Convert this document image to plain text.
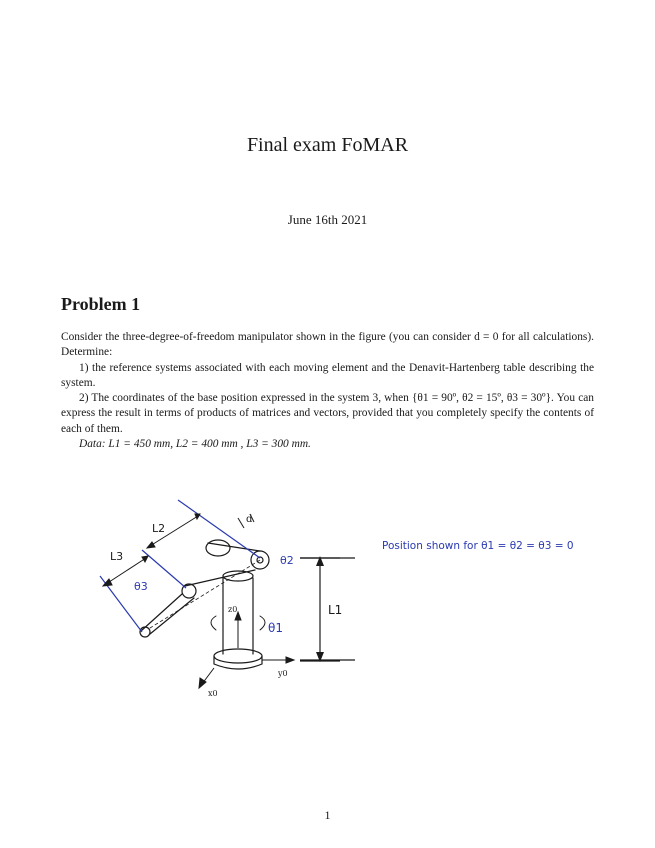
Final exam FoMAR
June 16th 2021
Problem 1

Consider the three-degree-of-freedom manipulator shown in the figure (you can consider d = 0 for all calculations). Determine:

1) the reference systems associated with each moving element and the Denavit-Hartenberg table describing the system.

2) The coordinates of the base position expressed in the system 3, when {θ1 = 90º, θ2 = 15º, θ3 = 30º}. You can express the result in terms of products of matrices and vectors, provided that you completely specify the contents of each of them.

Data: L1 = 450 mm, L2 = 400 mm , L3 = 300 mm.

d
L2
L3
z0
y0
x0
θ2
θ3
θ1
L1
Position shown for θ1 = θ2 = θ3 = 0
1
